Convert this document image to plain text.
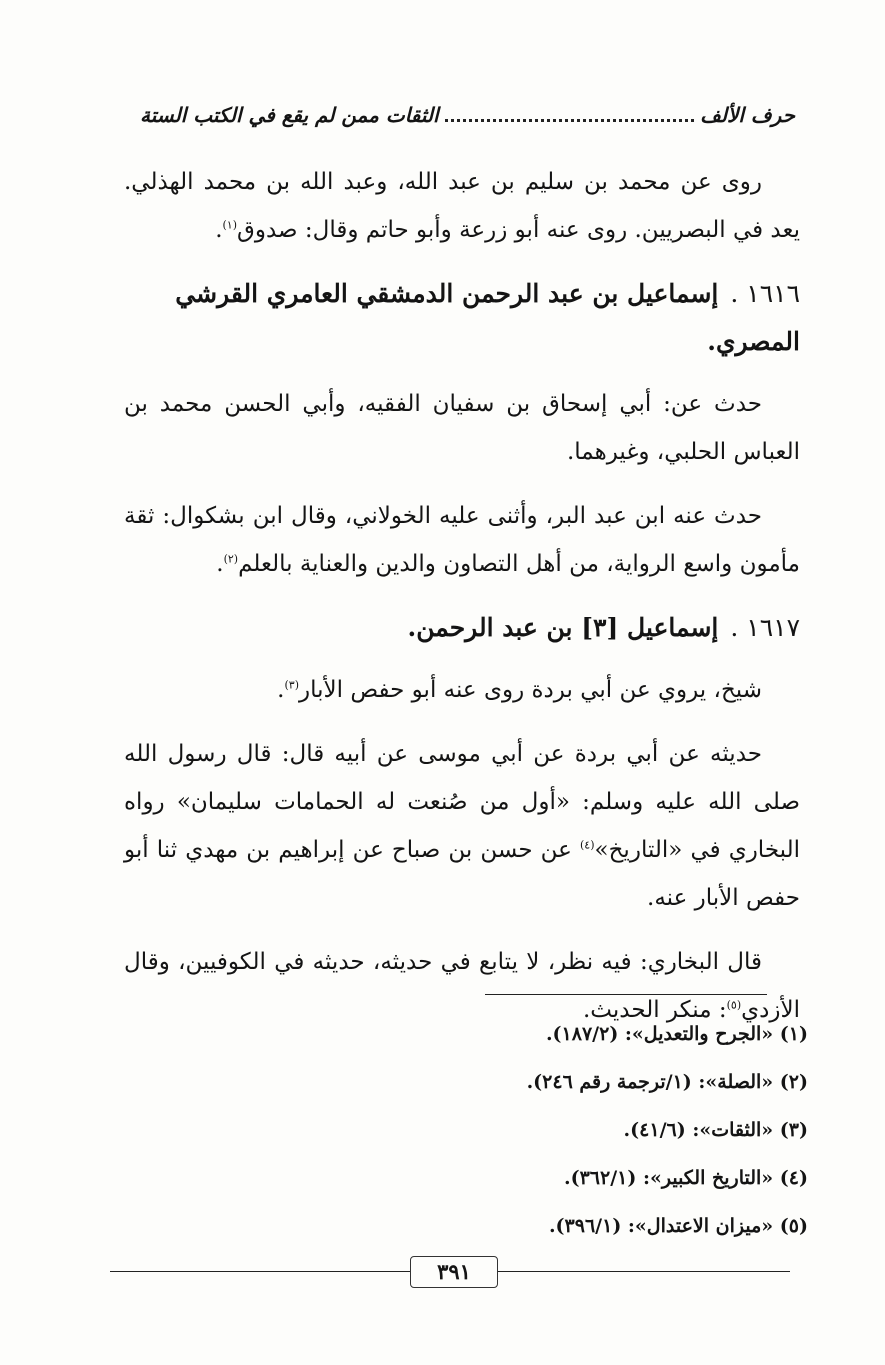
حرف الألف
الثقات ممن لم يقع في الكتب الستة

روى عن محمد بن سليم بن عبد الله، وعبد الله بن محمد الهذلي. يعد في البصريين. روى عنه أبو زرعة وأبو حاتم وقال: صدوق$^{(١)}$.

١٦١٦ .إسماعيل بن عبد الرحمن الدمشقي العامري القرشي المصري.

حدث عن: أبي إسحاق بن سفيان الفقيه، وأبي الحسن محمد بن العباس الحلبي، وغيرهما.

حدث عنه ابن عبد البر، وأثنى عليه الخولاني، وقال ابن بشكوال: ثقة مأمون واسع الرواية، من أهل التصاون والدين والعناية بالعلم$^{(٢)}$.

١٦١٧ .إسماعيل [٣] بن عبد الرحمن.

شيخ، يروي عن أبي بردة روى عنه أبو حفص الأبار$^{(٣)}$.

حديثه عن أبي بردة عن أبي موسى عن أبيه قال: قال رسول الله صلى الله عليه وسلم: «أول من صُنعت له الحمامات سليمان» رواه البخاري في «التاريخ»$^{(٤)}$ عن حسن بن صباح عن إبراهيم بن مهدي ثنا أبو حفص الأبار عنه.

قال البخاري: فيه نظر، لا يتابع في حديثه، حديثه في الكوفيين، وقال الأزدي$^{(٥)}$: منكر الحديث.

(١) «الجرح والتعديل»: (١٨٧/٢).
(٢) «الصلة»: (١/ترجمة رقم ٢٤٦).
(٣) «الثقات»: (٤١/٦).
(٤) «التاريخ الكبير»: (٣٦٢/١).
(٥) «ميزان الاعتدال»: (٣٩٦/١).
٣٩١
